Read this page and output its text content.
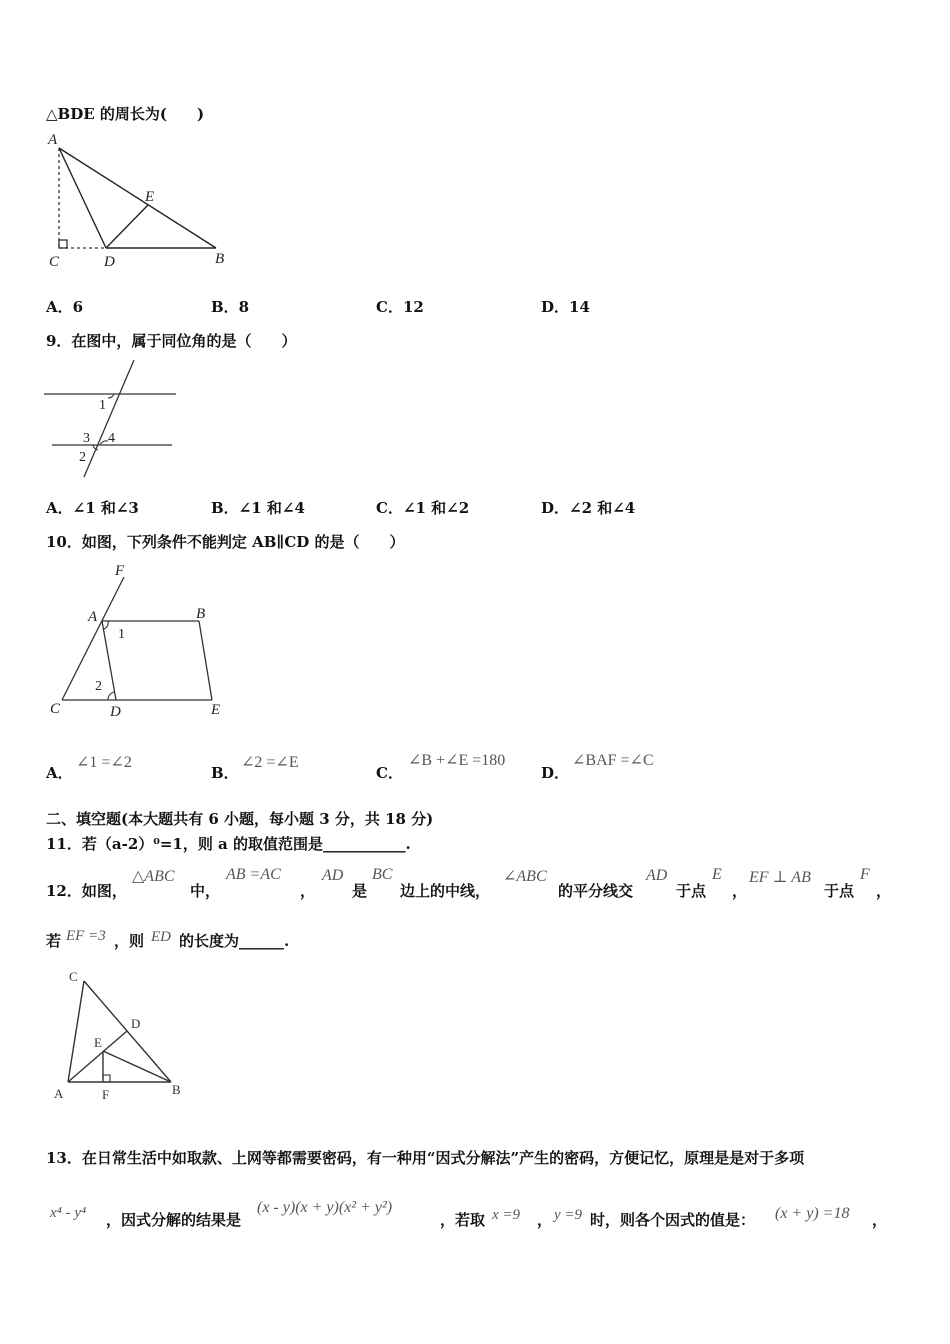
△BDE 的周长为(　　)
A
C	D	B
E
A．6	B．8	C．12	D．14
9．在图中，属于同位角的是（　　）
1
3 4
2
A．∠1 和∠3	B．∠1 和∠4	C．∠1 和∠2	D．∠2 和∠4
10．如图，下列条件不能判定 AB∥CD 的是（　　）
F
A	B
C	D	E
1
2
A．
∠1 =∠2
B．
∠2 =∠E
C．
∠B +∠E =180
D．
∠BAF =∠C
二、填空题(本大题共有 6 小题，每小题 3 分，共 18 分)
11．若（a-2）⁰=1，则 a 的取值范围是___________.
12．如图，
△ABC
中，
AB =AC
，
AD
是
BC
边上的中线，
∠ABC
的平分线交
AD
于点
E
，
EF ⊥ AB
于点
F
，
若 EF =3 ，则 ED 的长度为______.
C
D
E
A	F	B
13．在日常生活中如取款、上网等都需要密码，有一种用“因式分解法”产生的密码，方便记忆，原理是是对于多项
x⁴ - y⁴ ，因式分解的结果是
(x - y)(x + y)(x² + y²)
，若取 x =9 ， y =9 时，则各个因式的值是： (x + y) =18 ，
